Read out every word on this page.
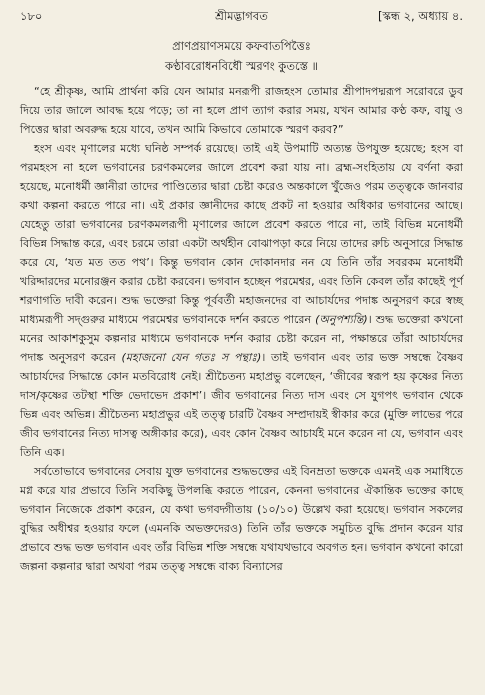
১৮০	শ্রীমদ্ভাগবত	[স্কন্ধ ২, অধ্যায় ৪.
প্রাণপ্রয়াণসময়ে কফবাতপিত্তৈঃ
কণ্ঠাবরোধনবিধৌ স্মরণং কুতস্তে ॥
“হে শ্রীকৃষ্ণ, আমি প্রার্থনা করি যেন আমার মনরূপী রাজহংস তোমার শ্রীপাদপদ্মরূপ সরোবরে ডুব দিয়ে তার জালে আবদ্ধ হয়ে পড়ে; তা না হলে প্রাণ ত্যাগ করার সময়, যখন আমার কণ্ঠ কফ, বায়ু ও পিত্তের দ্বারা অবরুদ্ধ হয়ে যাবে, তখন আমি কিভাবে তোমাকে স্মরণ করব?”
হংস এবং মৃণালের মধ্যে ঘনিষ্ঠ সম্পর্ক রয়েছে। তাই এই উপমাটি অত্যন্ত উপযুক্ত হয়েছে; হংস বা পরমহংস না হলে ভগবানের চরণকমলের জালে প্রবেশ করা যায় না। ব্রহ্ম-সংহিতায় যে বর্ণনা করা হয়েছে, মনোধর্মী জ্ঞানীরা তাদের পাণ্ডিত্যের দ্বারা চেষ্টা করেও অন্তকালে খুঁজেও পরম তত্ত্বকে জানবার কথা কল্পনা করতে পারে না। এই প্রকার জ্ঞানীদের কাছে প্রকট না হওয়ার অধিকার ভগবানের আছে। যেহেতু তারা ভগবানের চরণকমলরূপী মৃণালের জালে প্রবেশ করতে পারে না, তাই বিভিন্ন মনোধর্মী বিভিন্ন সিদ্ধান্ত করে, এবং চরমে তারা একটা অর্থহীন বোঝাপড়া করে নিয়ে তাদের রুচি অনুসারে সিদ্ধান্ত করে যে, ‘যত মত তত পথ’। কিন্তু ভগবান কোন দোকানদার নন যে তিনি তাঁর সবরকম মনোধর্মী খরিদ্দারদের মনোরঞ্জন করার চেষ্টা করবেন। ভগবান হচ্ছেন পরমেশ্বর, এবং তিনি কেবল তাঁর কাছেই পূর্ণ শরণাগতি দাবী করেন। শুদ্ধ ভক্তেরা কিন্তু পূর্ববর্তী মহাজনদের বা আচার্যদের পদাঙ্ক অনুসরণ করে স্বচ্ছ মাধ্যমরূপী সদ্গুরুর মাধ্যমে পরমেশ্বর ভগবানকে দর্শন করতে পারেন (অনুপশ্যন্তি)। শুদ্ধ ভক্তেরা কখনো মনের আকাশকুসুম কল্পনার মাধ্যমে ভগবানকে দর্শন করার চেষ্টা করেন না, পক্ষান্তরে তাঁরা আচার্যদের পদাঙ্ক অনুসরণ করেন (মহাজনো যেন গতঃ স পন্থাঃ)। তাই ভগবান এবং তার ভক্ত সম্বন্ধে বৈষ্ণব আচার্যদের সিদ্ধান্তে কোন মতবিরোধ নেই। শ্রীচৈতন্য মহাপ্রভু বলেছেন, ‘জীবের স্বরূপ হয় কৃষ্ণের নিত্য দাস/কৃষ্ণের তটস্থা শক্তি ভেদাভেদ প্রকাশ’। জীব ভগবানের নিত্য দাস এবং সে যুগপৎ ভগবান থেকে ভিন্ন এবং অভিন্ন। শ্রীচৈতন্য মহাপ্রভুর এই তত্ত্ব চারটি বৈষ্ণব সম্প্রদায়ই স্বীকার করে (মুক্তি লাভের পরে জীব ভগবানের নিত্য দাসত্ব অঙ্গীকার করে), এবং কোন বৈষ্ণব আচার্যই মনে করেন না যে, ভগবান এবং তিনি এক।
সর্বতোভাবে ভগবানের সেবায় যুক্ত ভগবানের শুদ্ধভক্তের এই বিনম্রতা ভক্তকে এমনই এক সমাধিতে মগ্ন করে যার প্রভাবে তিনি সবকিছু উপলব্ধি করতে পারেন, কেননা ভগবানের ঐকান্তিক ভক্তের কাছে ভগবান নিজেকে প্রকাশ করেন, যে কথা ভগবদ্গীতায় (১০/১০) উল্লেখ করা হয়েছে। ভগবান সকলের বুদ্ধির অধীশ্বর হওয়ার ফলে (এমনকি অভক্তদেরও) তিনি তাঁর ভক্তকে সমুচিত বুদ্ধি প্রদান করেন যার প্রভাবে শুদ্ধ ভক্ত ভগবান এবং তাঁর বিভিন্ন শক্তি সম্বন্ধে যথাযথভাবে অবগত হন। ভগবান কখনো কারো জল্পনা কল্পনার দ্বারা অথবা পরম তত্ত্ব সম্বন্ধে বাক্য বিন্যাসের
